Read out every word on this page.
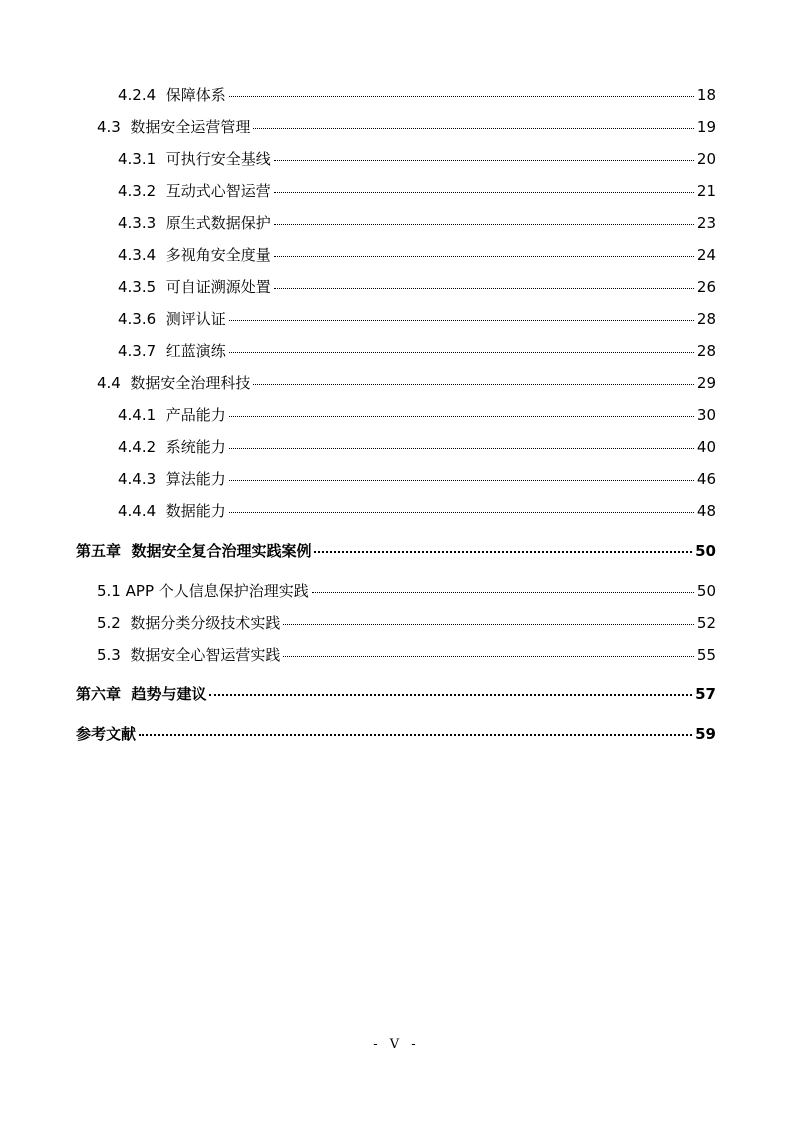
4.2.4 保障体系	18
4.3 数据安全运营管理	19
4.3.1 可执行安全基线	20
4.3.2 互动式心智运营	21
4.3.3 原生式数据保护	23
4.3.4 多视角安全度量	24
4.3.5 可自证溯源处置	26
4.3.6 测评认证	28
4.3.7 红蓝演练	28
4.4 数据安全治理科技	29
4.4.1 产品能力	30
4.4.2 系统能力	40
4.4.3 算法能力	46
4.4.4 数据能力	48
第五章 数据安全复合治理实践案例	50
5.1 APP 个人信息保护治理实践	50
5.2 数据分类分级技术实践	52
5.3 数据安全心智运营实践	55
第六章 趋势与建议	57
参考文献	59
- V -
